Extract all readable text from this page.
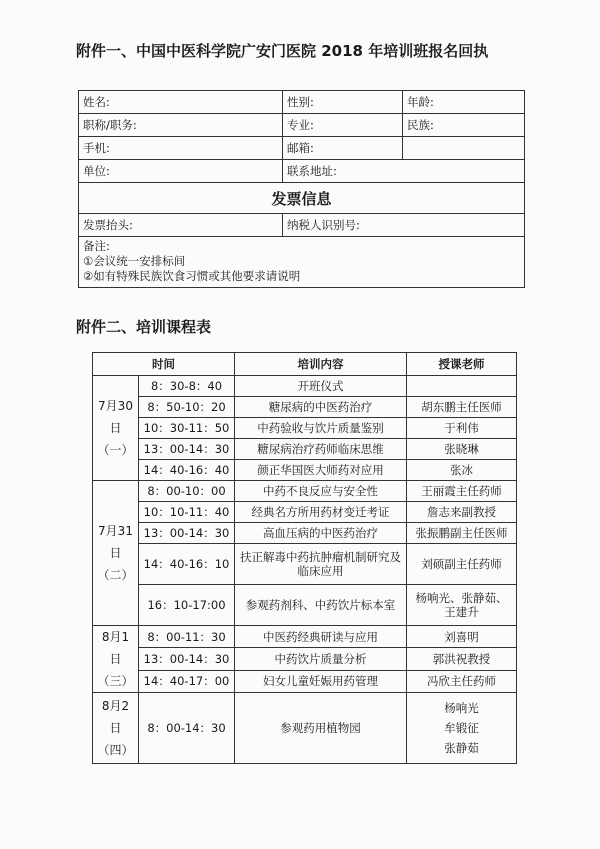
附件一、中国中医科学院广安门医院 2018 年培训班报名回执
姓名:	性别:	年龄:
职称/职务:	专业:	民族:
手机:	邮箱:	
单位:	联系地址:	
发票信息		
发票抬头:	纳税人识别号:	

备注:
①会议统一安排标间
②如有特殊民族饮食习惯或其他要求请说明		
附件二、培训课程表
时间		培训内容	授课老师
7月30日（一）	8：30-8：40	开班仪式	
	8：50-10：20	糖尿病的中医药治疗	胡东鹏主任医师
	10：30-11：50	中药验收与饮片质量鉴别	于利伟
	13：00-14：30	糖尿病治疗药师临床思维	张晓琳
	14：40-16：40	颜正华国医大师药对应用	张冰
7月31日（二）	8：00-10：00	中药不良反应与安全性	王丽霞主任药师
	10：10-11：40	经典名方所用药材变迁考证	詹志来副教授
	13：00-14：30	高血压病的中医药治疗	张振鹏副主任医师
	14：40-16：10	扶正解毒中药抗肿瘤机制研究及临床应用	刘硕副主任药师
	16：10-17:00	参观药剂科、中药饮片标本室	杨响光、张静茹、王建升
8月1日（三）	8：00-11：30	中医药经典研读与应用	刘喜明
	13：00-14：30	中药饮片质量分析	郭洪祝教授
	14：40-17：00	妇女儿童妊娠用药管理	冯欣主任药师
8月2日（四）	8：00-14：30	参观药用植物园	杨响光
牟锻征
张静茹
